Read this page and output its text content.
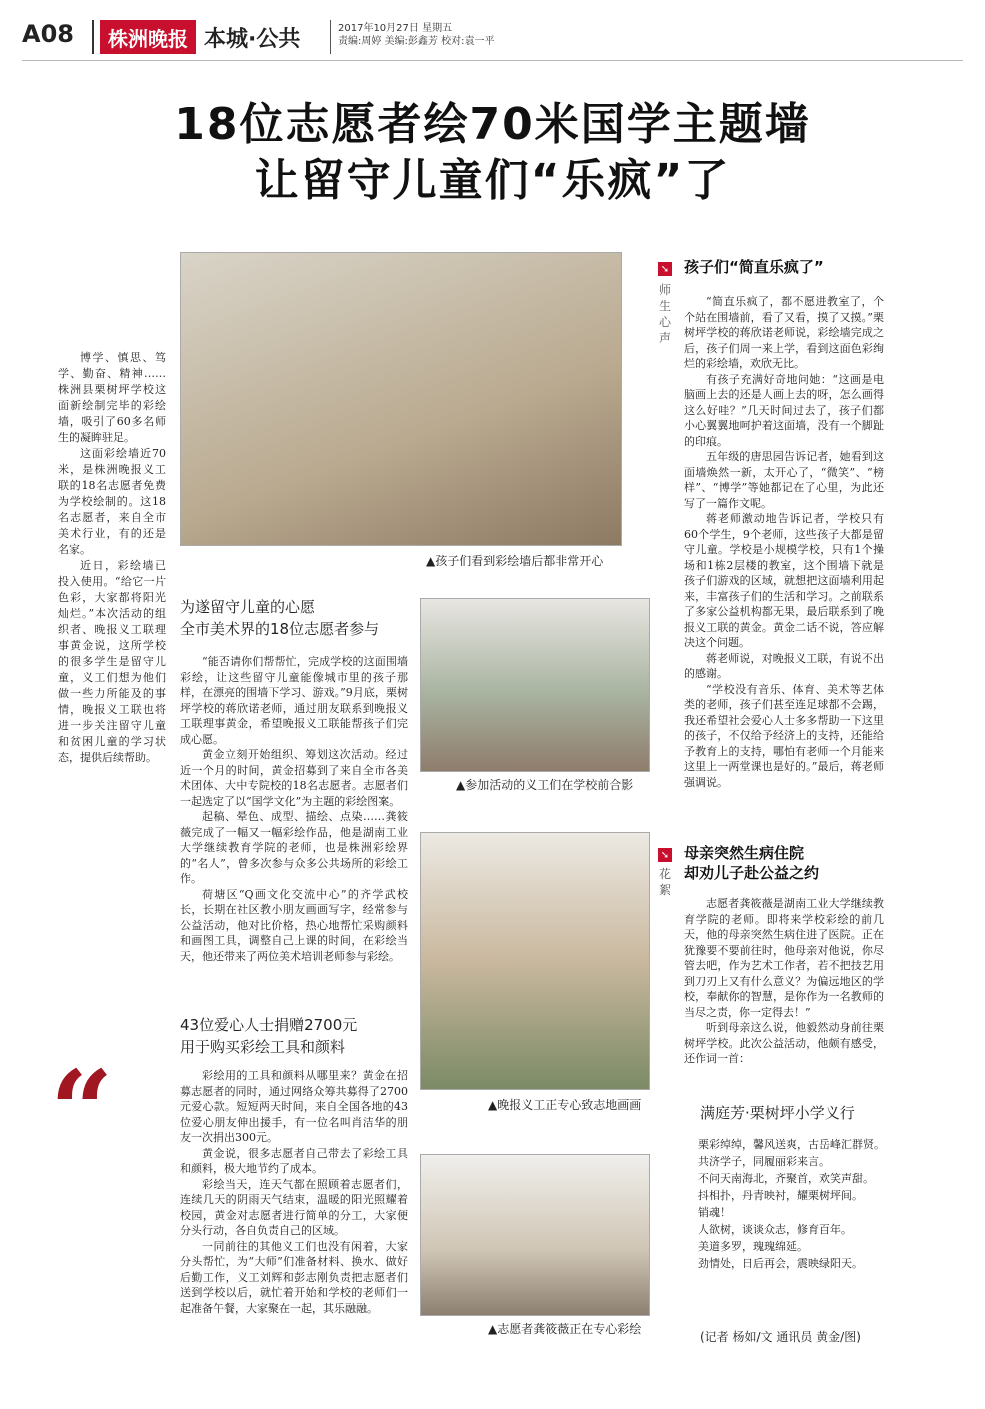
A08	株洲晚报 本城·公共	2017年10月27日 星期五
责编:周婷 美编:彭鑫芳 校对:袁一平
18位志愿者绘70米国学主题墙
让留守儿童们“乐疯”了
▲孩子们看到彩绘墙后都非常开心

博学、慎思、笃学、勤奋、精神……株洲县栗树坪学校这面新绘制完毕的彩绘墙，吸引了60多名师生的凝眸驻足。

这面彩绘墙近70米，是株洲晚报义工联的18名志愿者免费为学校绘制的。这18名志愿者，来自全市美术行业，有的还是名家。

近日，彩绘墙已投入使用。“给它一片色彩，大家都将阳光灿烂。”本次活动的组织者、晚报义工联理事黄金说，这所学校的很多学生是留守儿童，义工们想为他们做一些力所能及的事情，晚报义工联也将进一步关注留守儿童和贫困儿童的学习状态，提供后续帮助。

“
为遂留守儿童的心愿
全市美术界的18位志愿者参与

“能否请你们帮帮忙，完成学校的这面围墙彩绘，让这些留守儿童能像城市里的孩子那样，在漂亮的围墙下学习、游戏。”9月底，栗树坪学校的蒋欣诺老师，通过朋友联系到晚报义工联理事黄金，希望晚报义工联能帮孩子们完成心愿。

黄金立刻开始组织、筹划这次活动。经过近一个月的时间，黄金招募到了来自全市各美术团体、大中专院校的18名志愿者。志愿者们一起选定了以“国学文化”为主题的彩绘图案。

起稿、晕色、成型、描绘、点染……龚筱薇完成了一幅又一幅彩绘作品，他是湖南工业大学继续教育学院的老师，也是株洲彩绘界的“名人”，曾多次参与众多公共场所的彩绘工作。

荷塘区“Q画文化交流中心”的齐学武校长，长期在社区教小朋友画画写字，经常参与公益活动，他对比价格，热心地帮忙采购颜料和画图工具，调整自己上课的时间，在彩绘当天，他还带来了两位美术培训老师参与彩绘。

▲参加活动的义工们在学校前合影
43位爱心人士捐赠2700元
用于购买彩绘工具和颜料

彩绘用的工具和颜料从哪里来？黄金在招募志愿者的同时，通过网络众筹共募得了2700元爱心款。短短两天时间，来自全国各地的43位爱心朋友伸出援手，有一位名叫肖洁华的朋友一次捐出300元。

黄金说，很多志愿者自己带去了彩绘工具和颜料，极大地节约了成本。

彩绘当天，连天气都在照顾着志愿者们，连续几天的阴雨天气结束，温暖的阳光照耀着校园，黄金对志愿者进行简单的分工，大家便分头行动，各自负责自己的区域。

一同前往的其他义工们也没有闲着，大家分头帮忙，为“大师”们准备材料、换水、做好后勤工作，义工刘辉和彭志刚负责把志愿者们送到学校以后，就忙着开始和学校的老师们一起准备午餐，大家聚在一起，其乐融融。

▲晚报义工正专心致志地画画
▲志愿者龚筱薇正在专心彩绘
➘ 孩子们“简直乐疯了”
师生心声

“简直乐疯了，都不愿进教室了，个个站在围墙前，看了又看，摸了又摸。”栗树坪学校的蒋欣诺老师说，彩绘墙完成之后，孩子们周一来上学，看到这面色彩绚烂的彩绘墙，欢欣无比。

有孩子充满好奇地问她：“这画是电脑画上去的还是人画上去的呀，怎么画得这么好哇？”几天时间过去了，孩子们都小心翼翼地呵护着这面墙，没有一个脚趾的印痕。

五年级的唐思园告诉记者，她看到这面墙焕然一新，太开心了，“微笑”、“榜样”、“博学”等她都记在了心里，为此还写了一篇作文呢。

蒋老师激动地告诉记者，学校只有60个学生，9个老师，这些孩子大都是留守儿童。学校是小规模学校，只有1个操场和1栋2层楼的教室，这个围墙下就是孩子们游戏的区域，就想把这面墙利用起来，丰富孩子们的生活和学习。之前联系了多家公益机构都无果，最后联系到了晚报义工联的黄金。黄金二话不说，答应解决这个问题。

蒋老师说，对晚报义工联，有说不出的感谢。

“学校没有音乐、体育、美术等艺体类的老师，孩子们甚至连足球都不会踢，我还希望社会爱心人士多多帮助一下这里的孩子，不仅给予经济上的支持，还能给予教育上的支持，哪怕有老师一个月能来这里上一两堂课也是好的。”最后，蒋老师强调说。

➘ 母亲突然生病住院
却劝儿子赴公益之约
花絮

志愿者龚筱薇是湖南工业大学继续教育学院的老师。即将来学校彩绘的前几天，他的母亲突然生病住进了医院。正在犹豫要不要前往时，他母亲对他说，你尽管去吧，作为艺术工作者，若不把技艺用到刀刃上又有什么意义？为偏远地区的学校，奉献你的智慧，是你作为一名教师的当尽之责，你一定得去！”

听到母亲这么说，他毅然动身前往栗树坪学校。此次公益活动，他颇有感受，还作词一首：

满庭芳·栗树坪小学义行

栗彩绰绰，馨风送爽，古岳峰汇群贤。

共济学子，同履丽彩来言。

不问天南海北，齐聚首，欢笑声甜。

抖相扑，丹青映衬，耀栗树坪间。

销魂！

人欲树，谈谈众志，修育百年。

美道多罗，瑰瑰绵延。

劲情处，日后再会，震映绿阳天。

(记者 杨如/文 通讯员 黄金/图)
